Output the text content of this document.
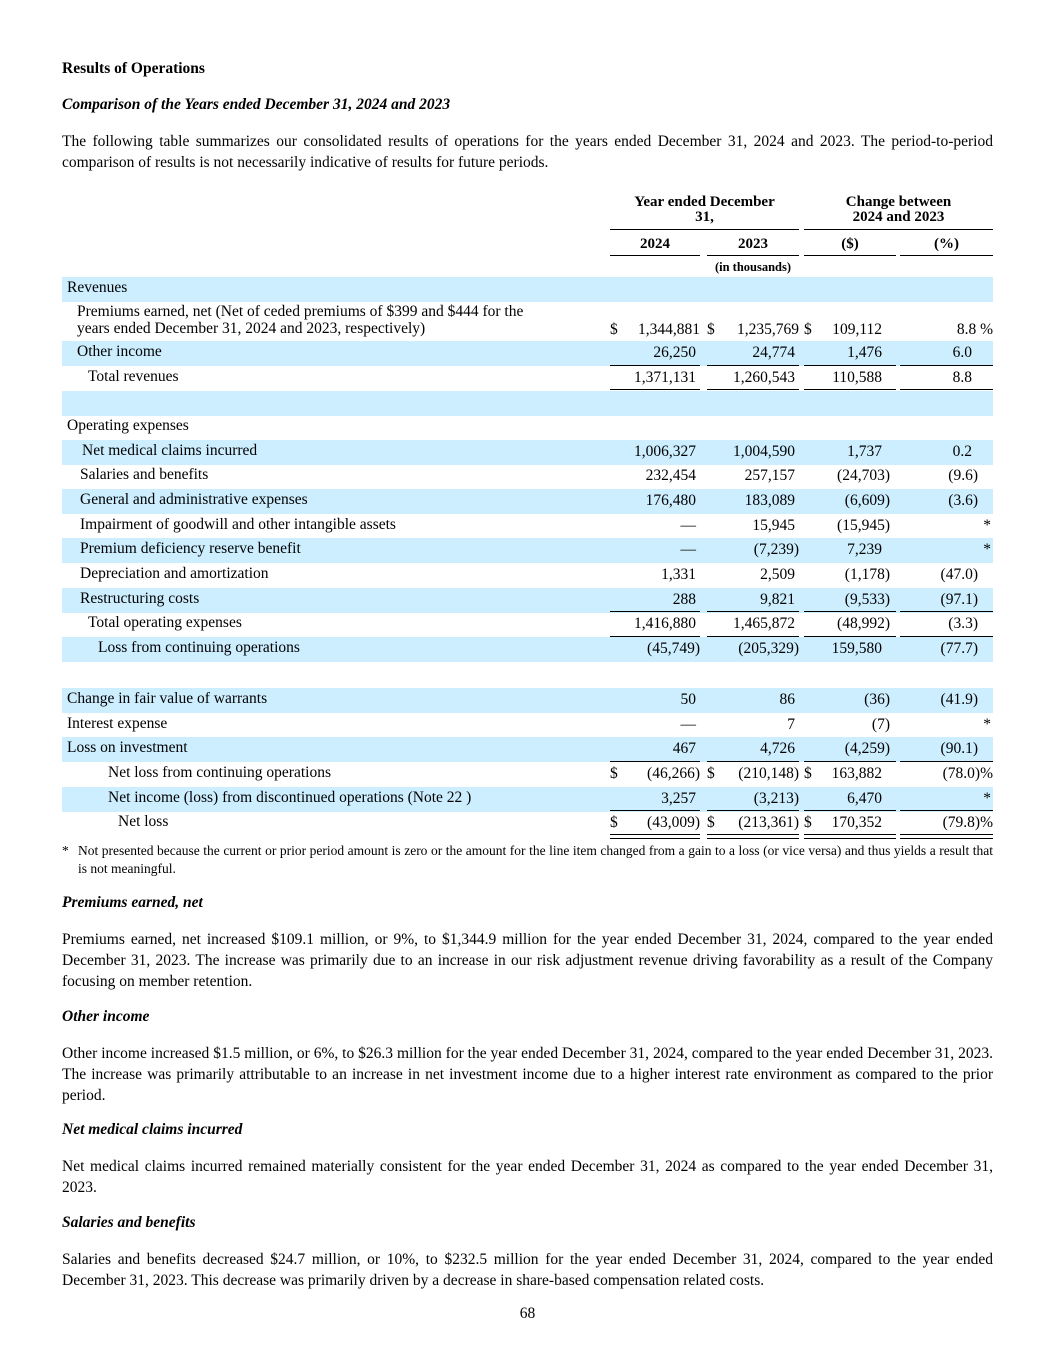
Results of Operations
Comparison of the Years ended December 31, 2024 and 2023
The following table summarizes our consolidated results of operations for the years ended December 31, 2024 and 2023. The period-to-period comparison of results is not necessarily indicative of results for future periods.
Year ended December
31,
Change between
2024 and 2023
2024	2023	($)	(%)
(in thousands)
Revenues
Premiums earned, net (Net of ceded premiums of $399 and $444 for the
years ended December 31, 2024 and 2023, respectively)	$ 1,344,881 $ 1,235,769 $ 109,112	8.8 %
Other income	26,250	24,774	1,476	6.0
Total revenues	1,371,131	1,260,543	110,588	8.8
Operating expenses
Net medical claims incurred	1,006,327	1,004,590	1,737	0.2
Salaries and benefits	232,454	257,157	(24,703)	(9.6)
General and administrative expenses	176,480	183,089	(6,609)	(3.6)
Impairment of goodwill and other intangible assets	—	15,945	(15,945)	*
Premium deficiency reserve benefit	—	(7,239)	7,239	*
Depreciation and amortization	1,331	2,509	(1,178)	(47.0)
Restructuring costs	288	9,821	(9,533)	(97.1)
Total operating expenses	1,416,880	1,465,872	(48,992)	(3.3)
Loss from continuing operations	(45,749)	(205,329)	159,580	(77.7)
Change in fair value of warrants	50	86	(36)	(41.9)
Interest expense	—	7	(7)	*
Loss on investment	467	4,726	(4,259)	(90.1)
Net loss from continuing operations	$ (46,266) $ (210,148) $ 163,882	(78.0)%
Net income (loss) from discontinued operations (Note 22 )	3,257	(3,213)	6,470	*
Net loss	$ (43,009) $ (213,361) $ 170,352	(79.8)%
* Not presented because the current or prior period amount is zero or the amount for the line item changed from a gain to a loss (or vice versa) and thus yields a result that is not meaningful.
Premiums earned, net
Premiums earned, net increased $109.1 million, or 9%, to $1,344.9 million for the year ended December 31, 2024, compared to the year ended December 31, 2023. The increase was primarily due to an increase in our risk adjustment revenue driving favorability as a result of the Company focusing on member retention.
Other income
Other income increased $1.5 million, or 6%, to $26.3 million for the year ended December 31, 2024, compared to the year ended December 31, 2023. The increase was primarily attributable to an increase in net investment income due to a higher interest rate environment as compared to the prior period.
Net medical claims incurred
Net medical claims incurred remained materially consistent for the year ended December 31, 2024 as compared to the year ended December 31, 2023.
Salaries and benefits
Salaries and benefits decreased $24.7 million, or 10%, to $232.5 million for the year ended December 31, 2024, compared to the year ended December 31, 2023. This decrease was primarily driven by a decrease in share-based compensation related costs.
68
